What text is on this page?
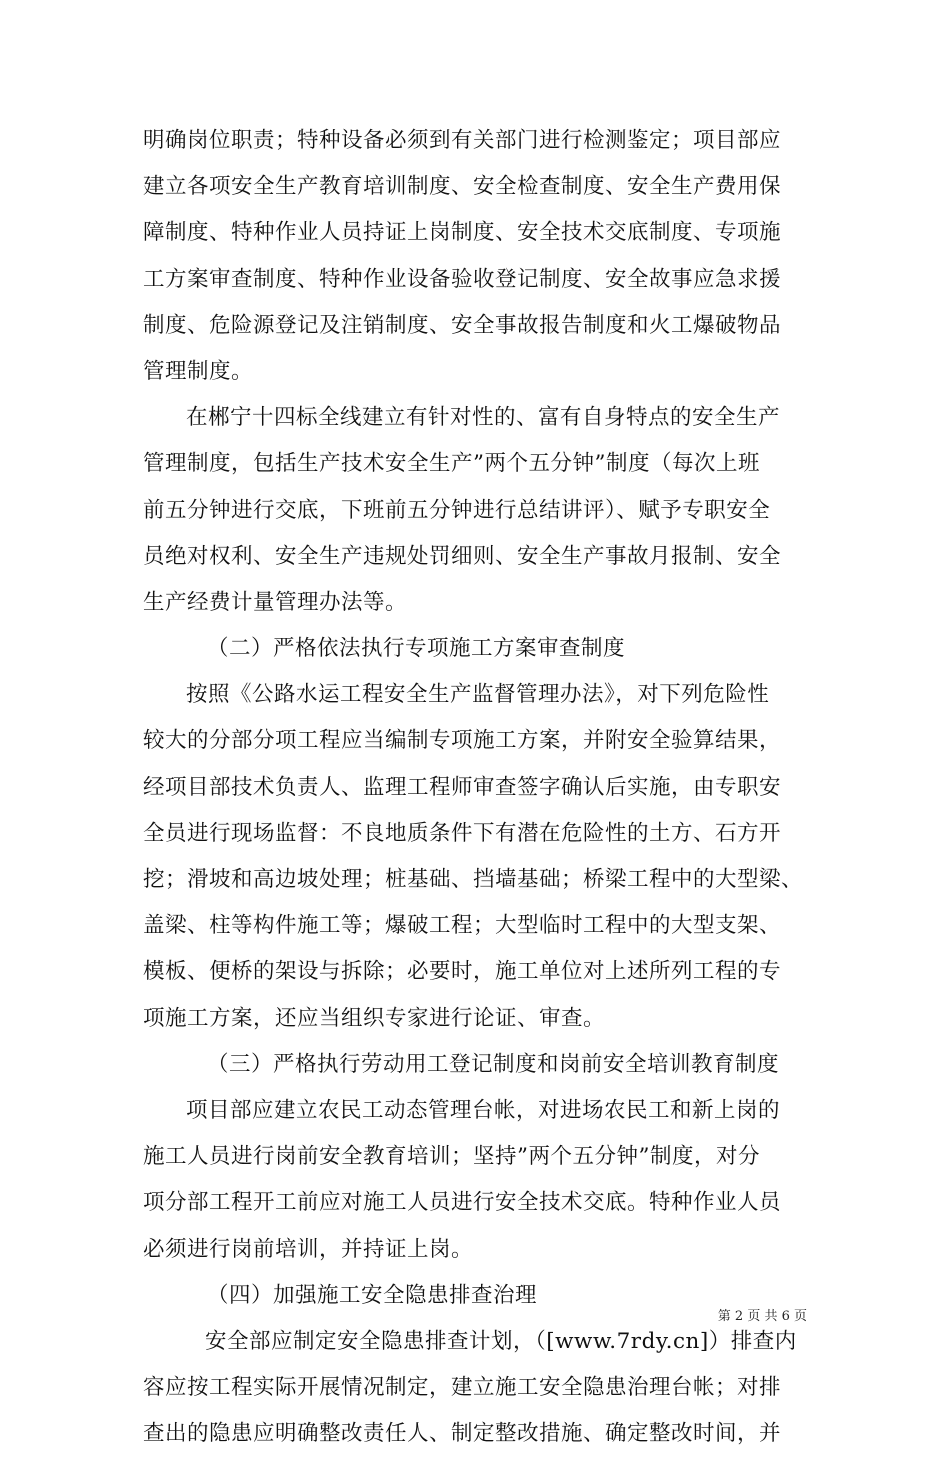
明确岗位职责；特种设备必须到有关部门进行检测鉴定；项目部应
建立各项安全生产教育培训制度、安全检查制度、安全生产费用保
障制度、特种作业人员持证上岗制度、安全技术交底制度、专项施
工方案审查制度、特种作业设备验收登记制度、安全故事应急求援
制度、危险源登记及注销制度、安全事故报告制度和火工爆破物品
管理制度。
在郴宁十四标全线建立有针对性的、富有自身特点的安全生产
管理制度，包括生产技术安全生产”两个五分钟”制度（每次上班
前五分钟进行交底，下班前五分钟进行总结讲评）、赋予专职安全
员绝对权利、安全生产违规处罚细则、安全生产事故月报制、安全
生产经费计量管理办法等。
（二）严格依法执行专项施工方案审查制度
按照《公路水运工程安全生产监督管理办法》，对下列危险性
较大的分部分项工程应当编制专项施工方案，并附安全验算结果，
经项目部技术负责人、监理工程师审查签字确认后实施，由专职安
全员进行现场监督：不良地质条件下有潜在危险性的土方、石方开
挖；滑坡和高边坡处理；桩基础、挡墙基础；桥梁工程中的大型梁、
盖梁、柱等构件施工等；爆破工程；大型临时工程中的大型支架、
模板、便桥的架设与拆除；必要时，施工单位对上述所列工程的专
项施工方案，还应当组织专家进行论证、审查。
（三）严格执行劳动用工登记制度和岗前安全培训教育制度
项目部应建立农民工动态管理台帐，对进场农民工和新上岗的
施工人员进行岗前安全教育培训；坚持”两个五分钟”制度，对分
项分部工程开工前应对施工人员进行安全技术交底。特种作业人员
必须进行岗前培训，并持证上岗。
（四）加强施工安全隐患排查治理
安全部应制定安全隐患排查计划，（[www.7rdy.cn]）排查内
容应按工程实际开展情况制定，建立施工安全隐患治理台帐；对排
查出的隐患应明确整改责任人、制定整改措施、确定整改时间，并
第 2 页 共 6 页
